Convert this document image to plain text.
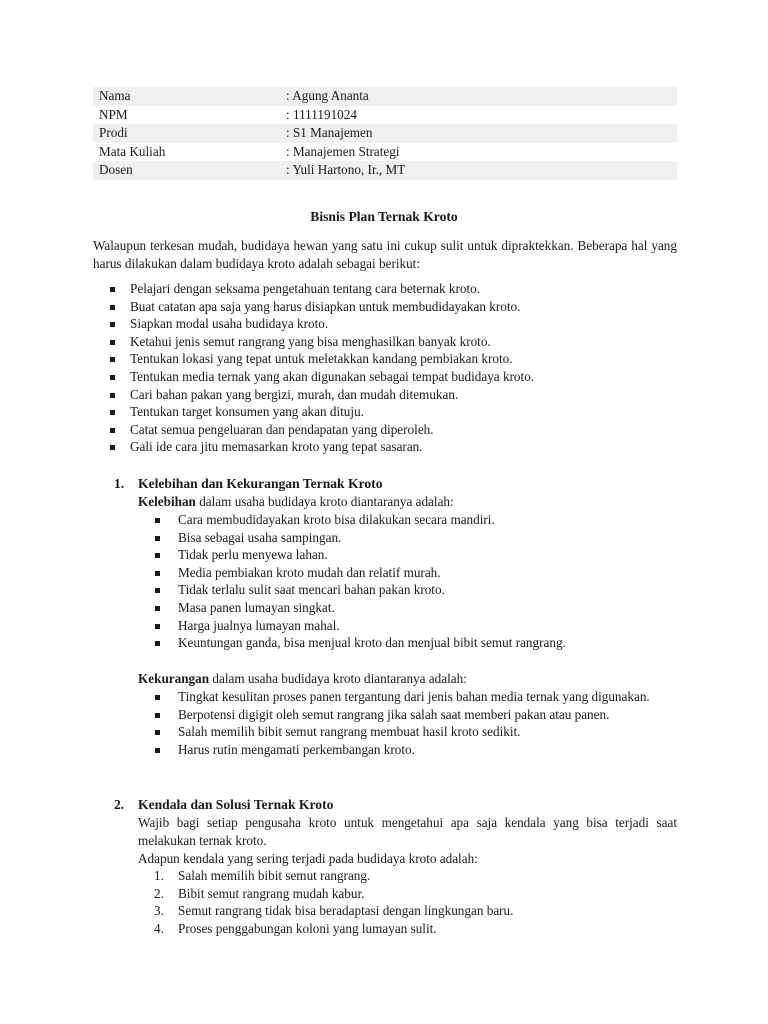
Nama	: Agung Ananta
NPM	: 1111191024
Prodi	: S1 Manajemen
Mata Kuliah	: Manajemen Strategi
Dosen	: Yuli Hartono, Ir., MT
Bisnis Plan Ternak Kroto
Walaupun terkesan mudah, budidaya hewan yang satu ini cukup sulit untuk dipraktekkan. Beberapa hal yang harus dilakukan dalam budidaya kroto adalah sebagai berikut:
Pelajari dengan seksama pengetahuan tentang cara beternak kroto.
Buat catatan apa saja yang harus disiapkan untuk membudidayakan kroto.
Siapkan modal usaha budidaya kroto.
Ketahui jenis semut rangrang yang bisa menghasilkan banyak kroto.
Tentukan lokasi yang tepat untuk meletakkan kandang pembiakan kroto.
Tentukan media ternak yang akan digunakan sebagai tempat budidaya kroto.
Cari bahan pakan yang bergizi, murah, dan mudah ditemukan.
Tentukan target konsumen yang akan dituju.
Catat semua pengeluaran dan pendapatan yang diperoleh.
Gali ide cara jitu memasarkan kroto yang tepat sasaran.
1. Kelebihan dan Kekurangan Ternak Kroto
Kelebihan dalam usaha budidaya kroto diantaranya adalah:
Cara membudidayakan kroto bisa dilakukan secara mandiri.
Bisa sebagai usaha sampingan.
Tidak perlu menyewa lahan.
Media pembiakan kroto mudah dan relatif murah.
Tidak terlalu sulit saat mencari bahan pakan kroto.
Masa panen lumayan singkat.
Harga jualnya lumayan mahal.
Keuntungan ganda, bisa menjual kroto dan menjual bibit semut rangrang.
Kekurangan dalam usaha budidaya kroto diantaranya adalah:
Tingkat kesulitan proses panen tergantung dari jenis bahan media ternak yang digunakan.
Berpotensi digigit oleh semut rangrang jika salah saat memberi pakan atau panen.
Salah memilih bibit semut rangrang membuat hasil kroto sedikit.
Harus rutin mengamati perkembangan kroto.
2. Kendala dan Solusi Ternak Kroto
Wajib bagi setiap pengusaha kroto untuk mengetahui apa saja kendala yang bisa terjadi saat melakukan ternak kroto.
Adapun kendala yang sering terjadi pada budidaya kroto adalah:
1. Salah memilih bibit semut rangrang.
2. Bibit semut rangrang mudah kabur.
3. Semut rangrang tidak bisa beradaptasi dengan lingkungan baru.
4. Proses penggabungan koloni yang lumayan sulit.
